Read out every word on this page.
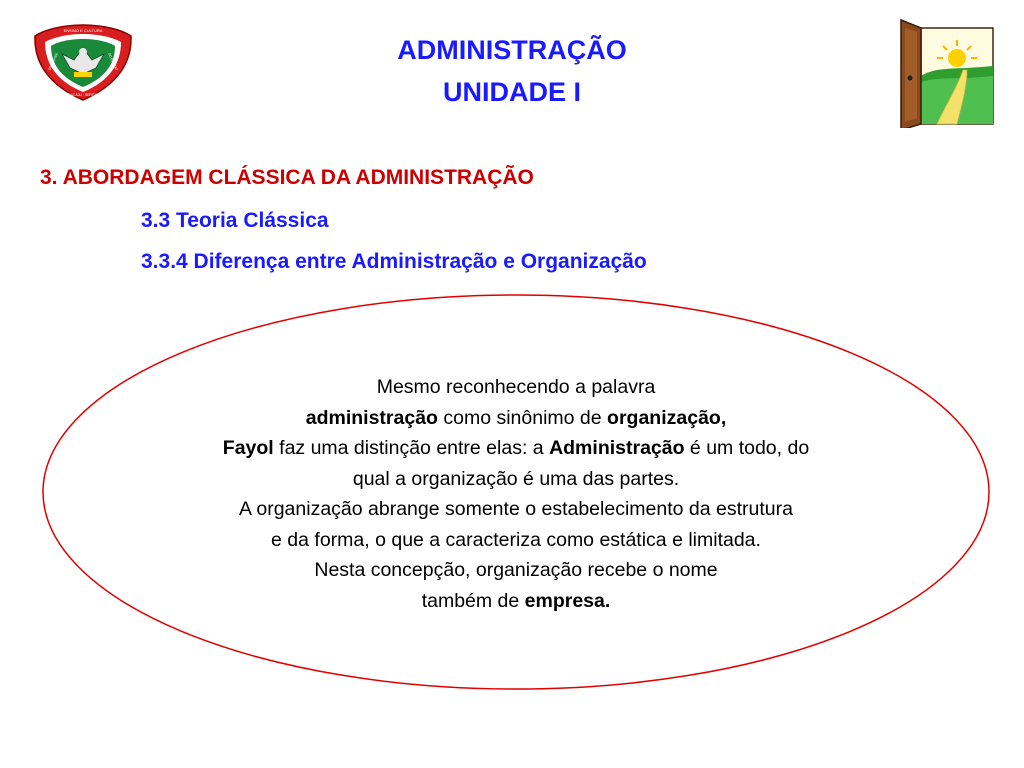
ENSINO E CULTURA
SOCIEDADE	DO ESTADO
ARACAJU · SERGIPE
ADMINISTRAÇÃO
UNIDADE I
3. ABORDAGEM CLÁSSICA DA ADMINISTRAÇÃO
3.3 Teoria Clássica
3.3.4 Diferença entre Administração e Organização
Mesmo reconhecendo a palavra
administração como sinônimo de organização,
Fayol faz uma distinção entre elas: a Administração é um todo, do
qual a organização é uma das partes.
A organização abrange somente o estabelecimento da estrutura
e da forma, o que a caracteriza como estática e limitada.
Nesta concepção, organização recebe o nome
também de empresa.
